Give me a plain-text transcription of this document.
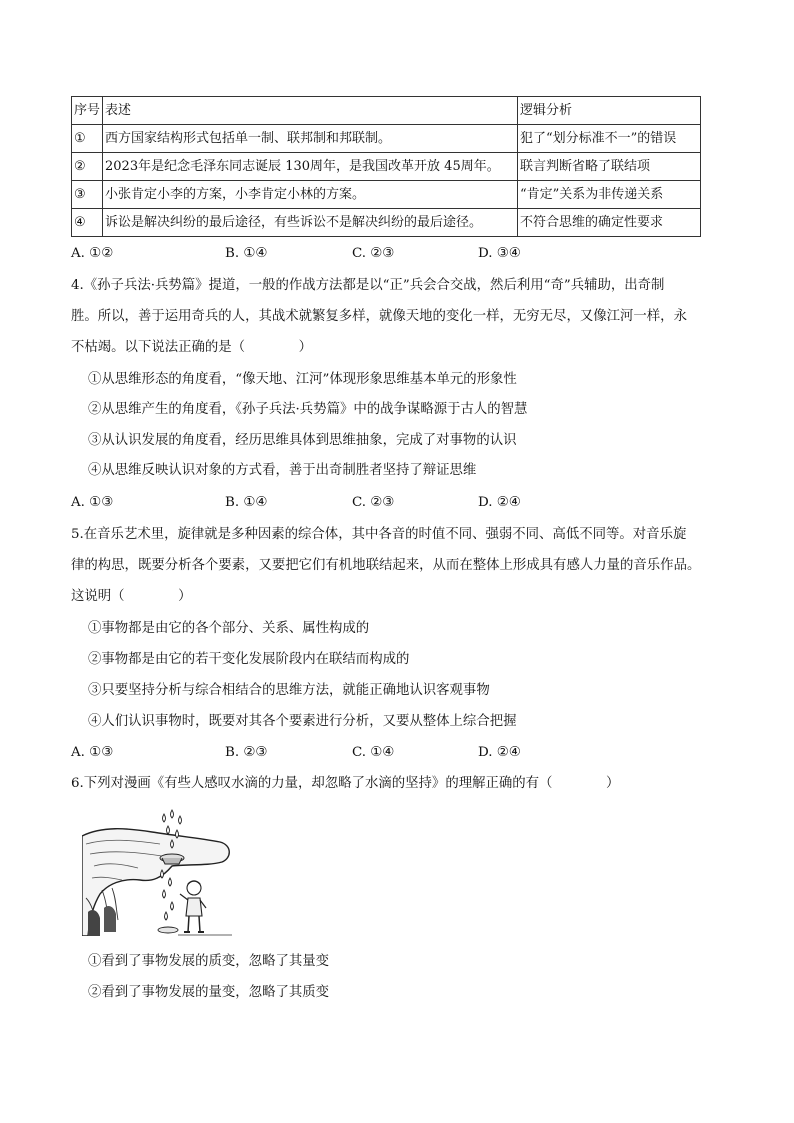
序号	表述	逻辑分析
①	西方国家结构形式包括单一制、联邦制和邦联制。	犯了“划分标准不一”的错误
②	2023年是纪念毛泽东同志诞辰 130周年，是我国改革开放 45周年。	联言判断省略了联结项
③	小张肯定小李的方案，小李肯定小林的方案。	“肯定”关系为非传递关系
④	诉讼是解决纠纷的最后途径，有些诉讼不是解决纠纷的最后途径。	不符合思维的确定性要求
A. ①②	B. ①④	C. ②③	D. ③④
4.《孙子兵法·兵势篇》提道，一般的作战方法都是以“正”兵会合交战，然后利用“奇”兵辅助，出奇制
胜。所以，善于运用奇兵的人，其战术就繁复多样，就像天地的变化一样，无穷无尽，又像江河一样，永
不枯竭。以下说法正确的是（　　　　）
①从思维形态的角度看，“像天地、江河”体现形象思维基本单元的形象性
②从思维产生的角度看，《孙子兵法·兵势篇》中的战争谋略源于古人的智慧
③从认识发展的角度看，经历思维具体到思维抽象，完成了对事物的认识
④从思维反映认识对象的方式看，善于出奇制胜者坚持了辩证思维
A. ①③	B. ①④	C. ②③	D. ②④
5.在音乐艺术里，旋律就是多种因素的综合体，其中各音的时值不同、强弱不同、高低不同等。对音乐旋
律的构思，既要分析各个要素，又要把它们有机地联结起来，从而在整体上形成具有感人力量的音乐作品。
这说明（　　　　）
①事物都是由它的各个部分、关系、属性构成的
②事物都是由它的若干变化发展阶段内在联结而构成的
③只要坚持分析与综合相结合的思维方法，就能正确地认识客观事物
④人们认识事物时，既要对其各个要素进行分析，又要从整体上综合把握
A. ①③	B. ②③	C. ①④	D. ②④
6.下列对漫画《有些人感叹水滴的力量，却忽略了水滴的坚持》的理解正确的有（　　　　）
①看到了事物发展的质变，忽略了其量变
②看到了事物发展的量变，忽略了其质变
